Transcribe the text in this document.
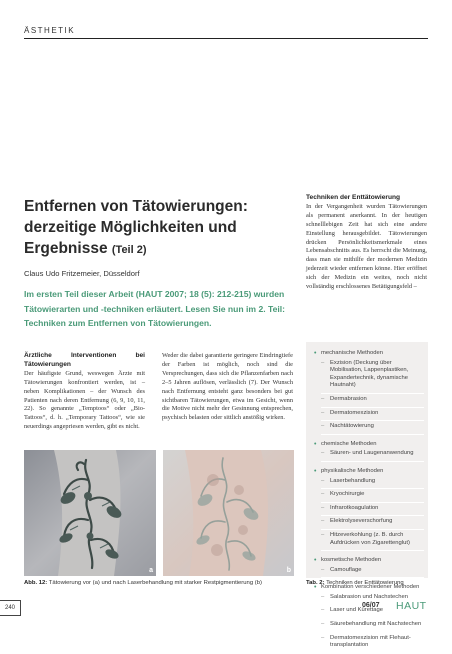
ÄSTHETIK
Entfernen von Tätowierungen: derzeitige Möglichkeiten und Ergebnisse (Teil 2)
Claus Udo Fritzemeier, Düsseldorf
Im ersten Teil dieser Arbeit (HAUT 2007; 18 (5): 212-215) wurden Tätowierarten und -techniken erläutert. Lesen Sie nun im 2. Teil: Techniken zum Entfernen von Tätowierungen.
Ärztliche Interventionen bei Tätowierungen

Der häufigste Grund, weswegen Ärzte mit Tätowierungen konfrontiert werden, ist – neben Komplikationen – der Wunsch des Patienten nach deren Entfernung (6, 9, 10, 11, 22). So genannte „Temptoos“ oder „Bio-Tattoos“, d. h. „Temporary Tattoos“, wie sie neuerdings angepriesen werden, gibt es nicht.

Weder die dabei garantierte geringere Eindringtiefe der Farben ist möglich, noch sind die Versprechungen, dass sich die Pflanzenfarben nach 2–5 Jahren auflösen, verlässlich (7). Der Wunsch nach Entfernung entsteht ganz besonders bei gut sichtbaren Tätowierungen, etwa im Gesicht, wenn die Motive nicht mehr der Gesinnung entsprechen, psychisch belasten oder sittlich anstößig wirken.

Techniken der Enttätowierung

In der Vergangenheit wurden Tätowierungen als permanent anerkannt. In der heutigen schnelllebigen Zeit hat sich eine andere Einstellung herausgebildet. Tätowierungen drücken Persönlichkeitsmerkmale eines Lebensabschnitts aus. Es herrscht die Meinung, dass man sie mithilfe der modernen Medizin jederzeit wieder entfernen könne. Hier eröffnet sich der Medizin ein weites, noch nicht vollständig erschlossenes Betätigungsfeld –

a	b
Abb. 12: Tätowierung vor (a) und nach Laserbehandlung mit starker Restpigmentierung (b)
• mechanische Methoden
– Exzision (Deckung über Mobilisation, Lappenplastiken, Expandertechnik, dynamische Hautnaht)
– Dermabrasion
– Dermatomexzision
– Nachtätowierung
• chemische Methoden
– Säuren- und Laugenanwendung
• physikalische Methoden
– Laserbehandlung
– Kryochirurgie
– Infrarotkoagulation
– Elektrolyseverschorfung
– Hitzeverkohlung (z. B. durch Aufdrücken von Zigarettenglut)
• kosmetische Methoden
– Camouflage
• Kombination verschiedener Methoden
– Salabrasion und Nachstechen
– Laser und Kürettage
– Säurebehandlung mit Nachstechen
– Dermatomexzision mit Flehaut-transplantation
Tab. 2: Techniken der Enttätowierung
240	06/07 HAUT
